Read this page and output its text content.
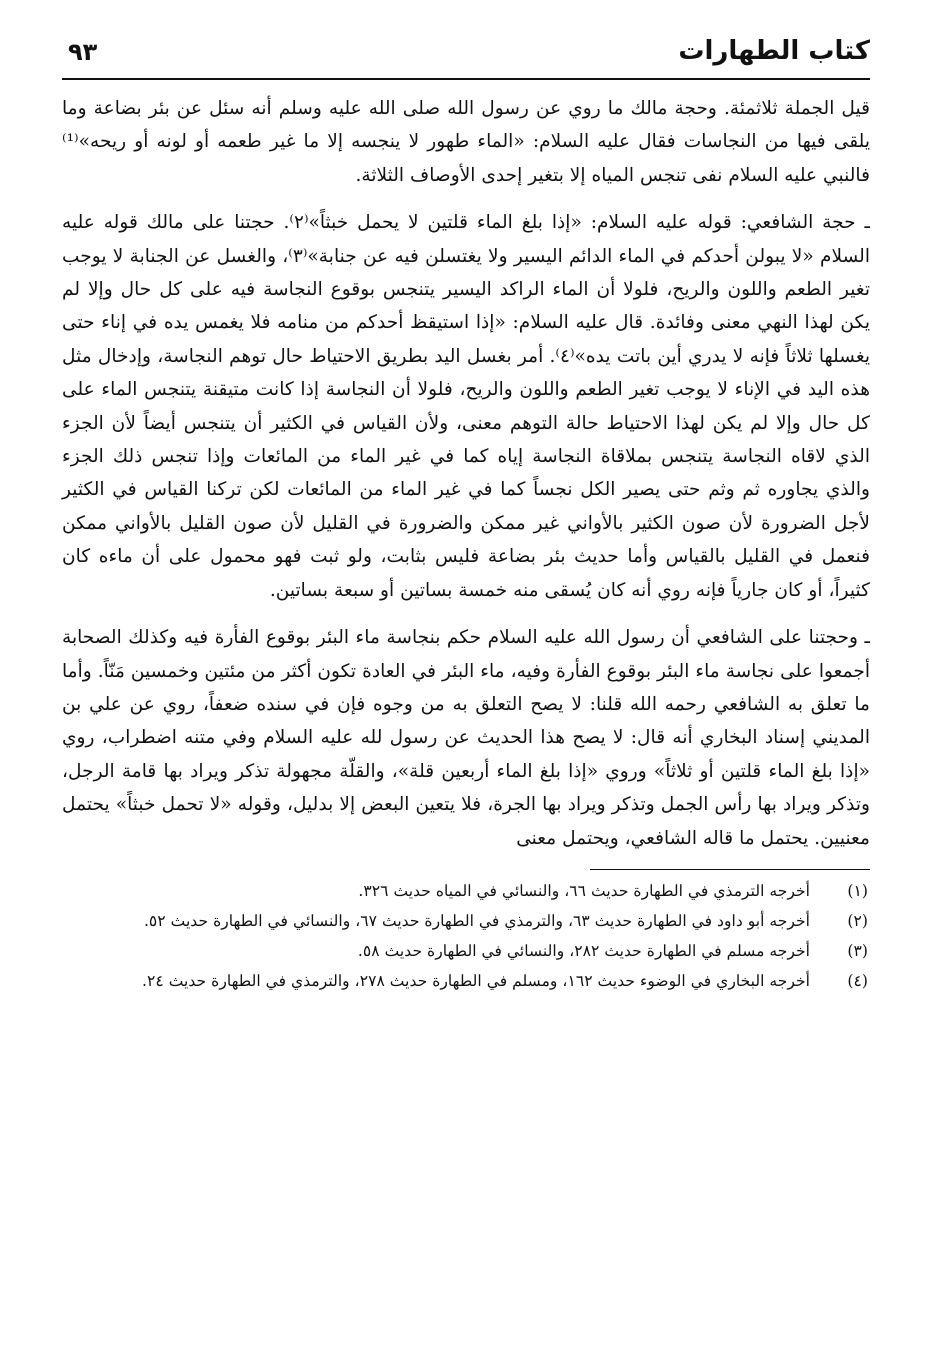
كتاب الطهارات
٩٣

قيل الجملة ثلاثمئة. وحجة مالك ما روي عن رسول الله صلى الله عليه وسلم أنه سئل عن بئر بضاعة وما يلقى فيها من النجاسات فقال عليه السلام: «الماء طهور لا ينجسه إلا ما غير طعمه أو لونه أو ريحه»⁽¹⁾ فالنبي عليه السلام نفى تنجس المياه إلا بتغير إحدى الأوصاف الثلاثة.

ـ حجة الشافعي: قوله عليه السلام: «إذا بلغ الماء قلتين لا يحمل خبثاً»⁽٢⁾. حجتنا على مالك قوله عليه السلام «لا يبولن أحدكم في الماء الدائم اليسير ولا يغتسلن فيه عن جنابة»⁽٣⁾، والغسل عن الجنابة لا يوجب تغير الطعم واللون والريح، فلولا أن الماء الراكد اليسير يتنجس بوقوع النجاسة فيه على كل حال وإلا لم يكن لهذا النهي معنى وفائدة. قال عليه السلام: «إذا استيقظ أحدكم من منامه فلا يغمس يده في إناء حتى يغسلها ثلاثاً فإنه لا يدري أين باتت يده»⁽٤⁾. أمر بغسل اليد بطريق الاحتياط حال توهم النجاسة، وإدخال مثل هذه اليد في الإناء لا يوجب تغير الطعم واللون والريح، فلولا أن النجاسة إذا كانت متيقنة يتنجس الماء على كل حال وإلا لم يكن لهذا الاحتياط حالة التوهم معنى، ولأن القياس في الكثير أن يتنجس أيضاً لأن الجزء الذي لاقاه النجاسة يتنجس بملاقاة النجاسة إياه كما في غير الماء من المائعات وإذا تنجس ذلك الجزء والذي يجاوره ثم وثم حتى يصير الكل نجساً كما في غير الماء من المائعات لكن تركنا القياس في الكثير لأجل الضرورة لأن صون الكثير بالأواني غير ممكن والضرورة في القليل لأن صون القليل بالأواني ممكن فنعمل في القليل بالقياس وأما حديث بئر بضاعة فليس بثابت، ولو ثبت فهو محمول على أن ماءه كان كثيراً، أو كان جارياً فإنه روي أنه كان يُسقى منه خمسة بساتين أو سبعة بساتين.

ـ وحجتنا على الشافعي أن رسول الله عليه السلام حكم بنجاسة ماء البئر بوقوع الفأرة فيه وكذلك الصحابة أجمعوا على نجاسة ماء البئر بوقوع الفأرة وفيه، ماء البئر في العادة تكون أكثر من مئتين وخمسين مَنّاً. وأما ما تعلق به الشافعي رحمه الله قلنا: لا يصح التعلق به من وجوه فإن في سنده ضعفاً، روي عن علي بن المديني إسناد البخاري أنه قال: لا يصح هذا الحديث عن رسول لله عليه السلام وفي متنه اضطراب، روي «إذا بلغ الماء قلتين أو ثلاثاً» وروي «إذا بلغ الماء أربعين قلة»، والقلّة مجهولة تذكر ويراد بها قامة الرجل، وتذكر ويراد بها رأس الجمل وتذكر ويراد بها الجرة، فلا يتعين البعض إلا بدليل، وقوله «لا تحمل خبثاً» يحتمل معنيين. يحتمل ما قاله الشافعي، ويحتمل معنى

(١)
أخرجه الترمذي في الطهارة حديث ٦٦، والنسائي في المياه حديث ٣٢٦.
(٢)
أخرجه أبو داود في الطهارة حديث ٦٣، والترمذي في الطهارة حديث ٦٧، والنسائي في الطهارة حديث ٥٢.
(٣)
أخرجه مسلم في الطهارة حديث ٢٨٢، والنسائي في الطهارة حديث ٥٨.
(٤)
أخرجه البخاري في الوضوء حديث ١٦٢، ومسلم في الطهارة حديث ٢٧٨، والترمذي في الطهارة حديث ٢٤.
